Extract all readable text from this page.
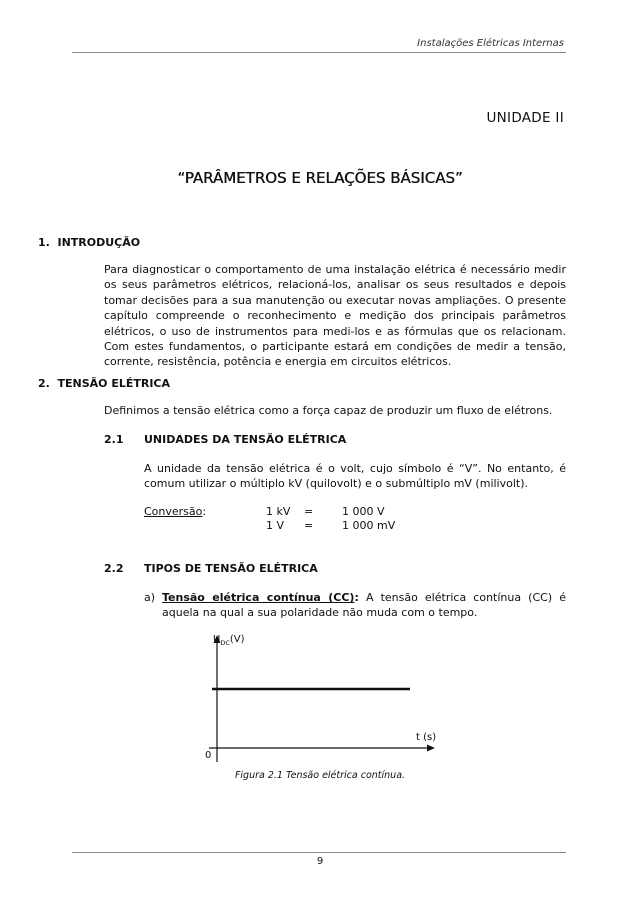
Instalações Elétricas Internas
UNIDADE II
“PARÂMETROS E RELAÇÕES BÁSICAS”
1.  INTRODUÇÃO
Para diagnosticar o comportamento de uma instalação elétrica é necessário medir os seus parâmetros elétricos, relacioná-los, analisar os seus resultados e depois tomar decisões para a sua manutenção ou executar novas ampliações. O presente capítulo compreende o reconhecimento e medição dos principais parâmetros elétricos, o uso de instrumentos para medi-los e as fórmulas que os relacionam. Com estes fundamentos, o participante estará em condições de medir a tensão, corrente, resistência, potência e energia em circuitos elétricos.
2.  TENSÃO ELÉTRICA
Definimos a tensão elétrica como a força capaz de produzir um fluxo de elétrons.
2.1 UNIDADES DA TENSÃO ELÉTRICA
A unidade da tensão elétrica é o volt, cujo símbolo é “V”. No entanto, é comum utilizar o múltiplo kV (quilovolt) e o submúltiplo mV (milivolt).
Conversão:	1 kV =	1 000 V
1 V =	1 000 mV
2.2 TIPOS DE TENSÃO ELÉTRICA
a) Tensão elétrica contínua (CC): A tensão elétrica contínua (CC) é aquela na qual a sua polaridade não muda com o tempo.
$U_{DC}(V)$
t (s)
0
Figura 2.1 Tensão elétrica contínua.
9
